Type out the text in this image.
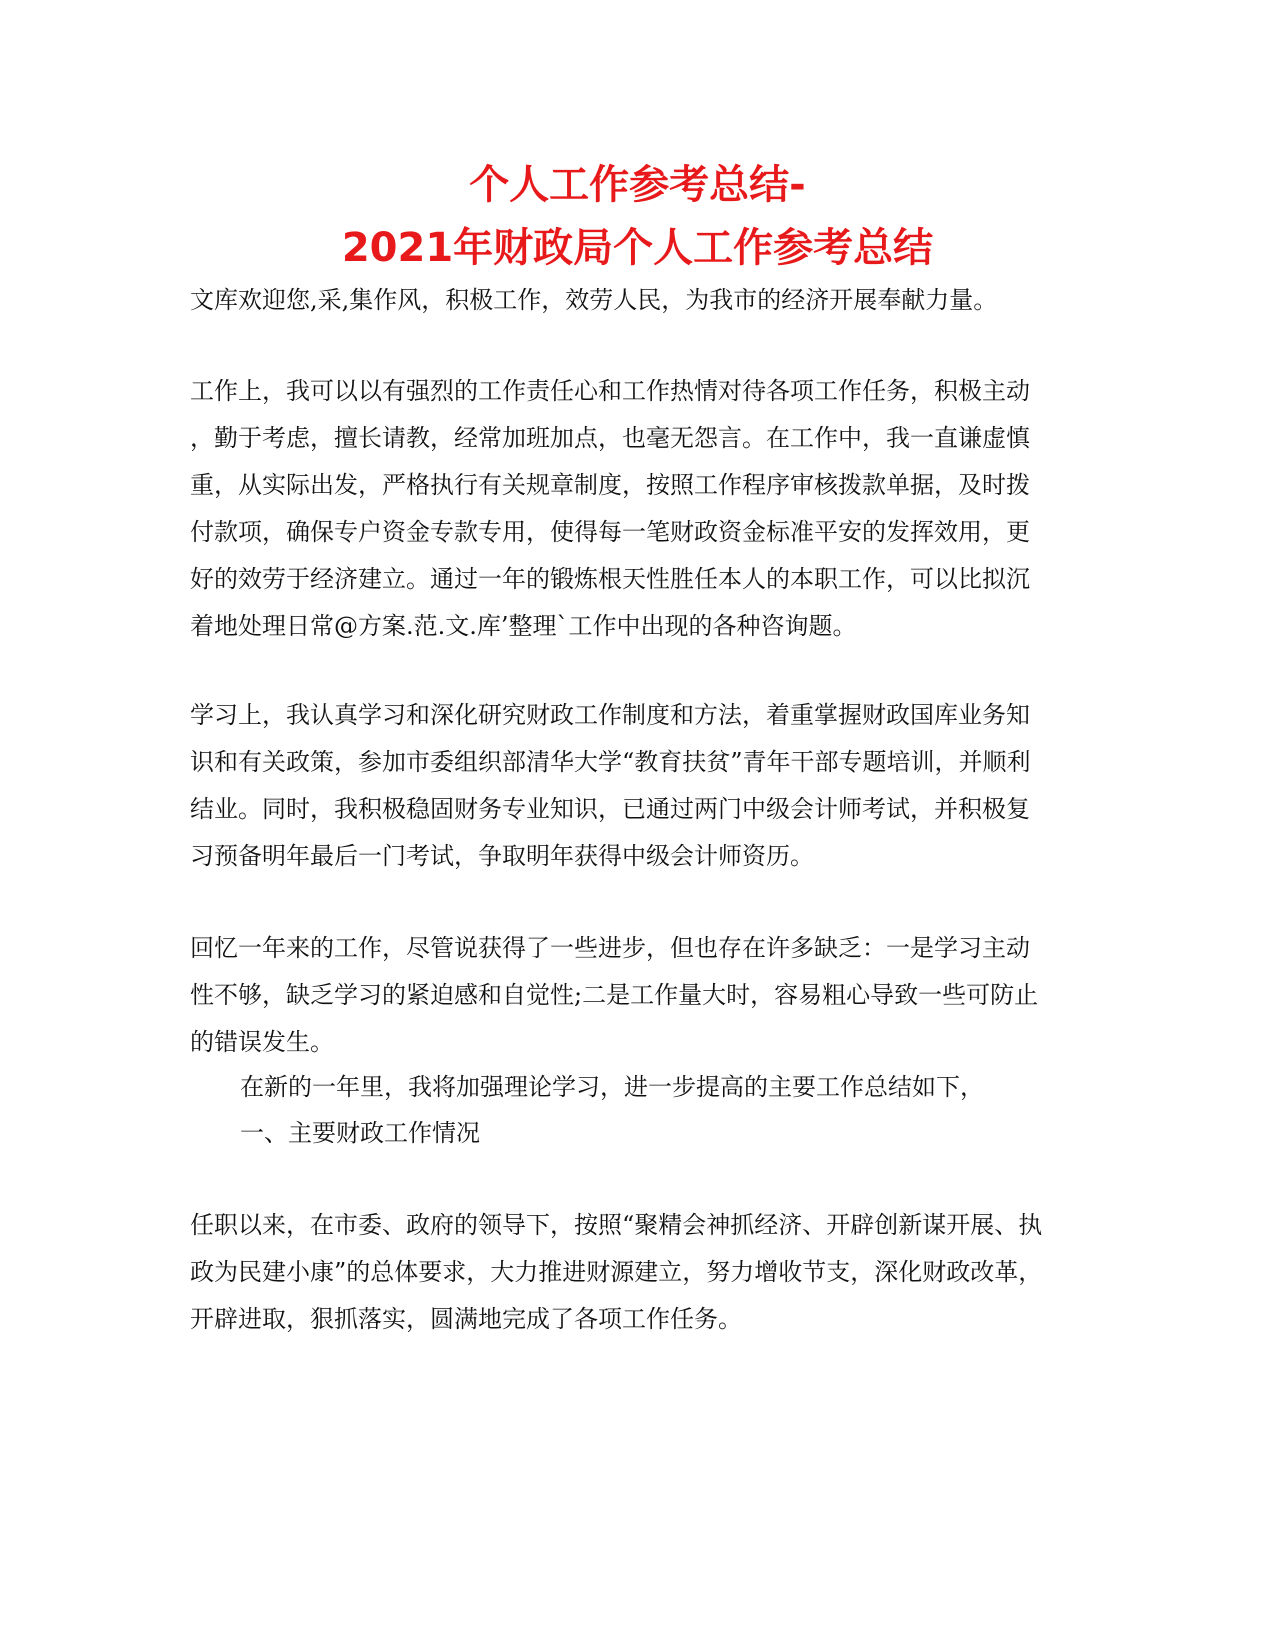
个人工作参考总结-
2021年财政局个人工作参考总结

文库欢迎您,采,集作风，积极工作，效劳人民，为我市的经济开展奉献力量。

工作上，我可以以有强烈的工作责任心和工作热情对待各项工作任务，积极主动
，勤于考虑，擅长请教，经常加班加点，也毫无怨言。在工作中，我一直谦虚慎
重，从实际出发，严格执行有关规章制度，按照工作程序审核拨款单据，及时拨
付款项，确保专户资金专款专用，使得每一笔财政资金标准平安的发挥效用，更
好的效劳于经济建立。通过一年的锻炼根天性胜任本人的本职工作，可以比拟沉
着地处理日常@方案.范.文.库’整理`工作中出现的各种咨询题。
学习上，我认真学习和深化研究财政工作制度和方法，着重掌握财政国库业务知
识和有关政策，参加市委组织部清华大学“教育扶贫”青年干部专题培训，并顺利
结业。同时，我积极稳固财务专业知识，已通过两门中级会计师考试，并积极复
习预备明年最后一门考试，争取明年获得中级会计师资历。
回忆一年来的工作，尽管说获得了一些进步，但也存在许多缺乏：一是学习主动
性不够，缺乏学习的紧迫感和自觉性;二是工作量大时，容易粗心导致一些可防止
的错误发生。

在新的一年里，我将加强理论学习，进一步提高的主要工作总结如下，

一、主要财政工作情况

任职以来，在市委、政府的领导下，按照“聚精会神抓经济、开辟创新谋开展、执
政为民建小康”的总体要求，大力推进财源建立，努力增收节支，深化财政改革，
开辟进取，狠抓落实，圆满地完成了各项工作任务。
